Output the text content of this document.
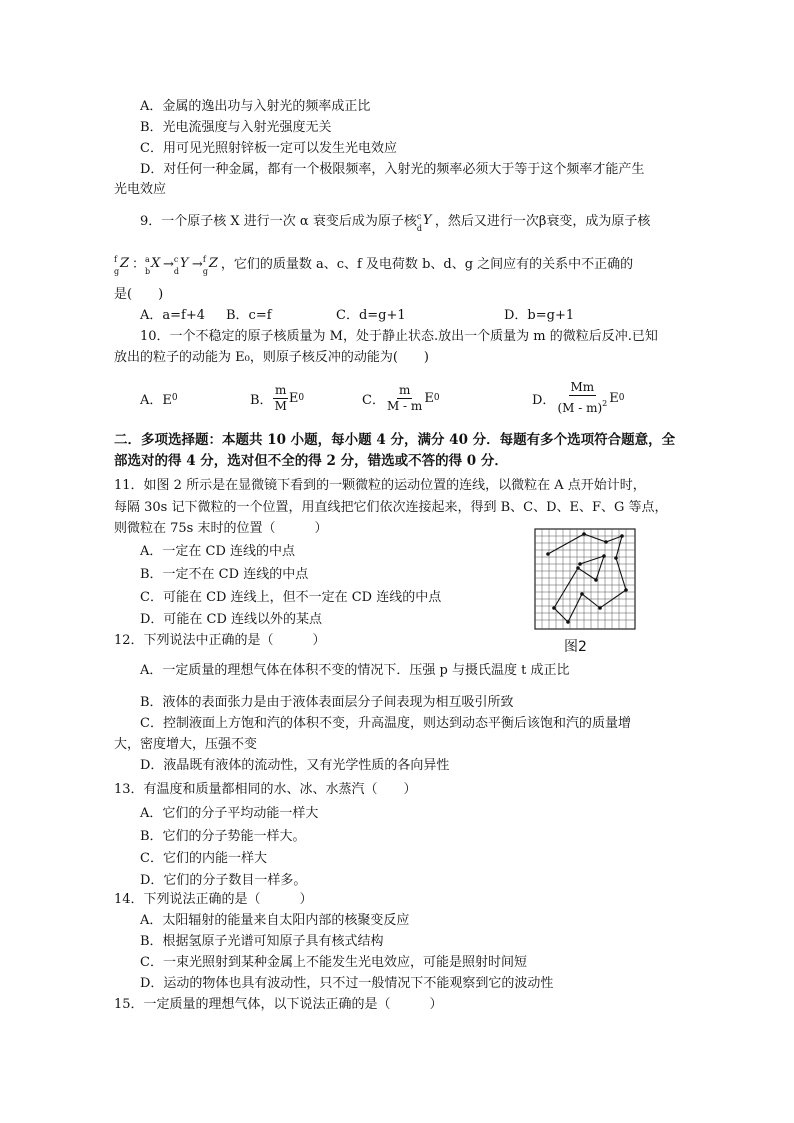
A．金属的逸出功与入射光的频率成正比
B．光电流强度与入射光强度无关
C．用可见光照射锌板一定可以发生光电效应
D．对任何一种金属，都有一个极限频率，入射光的频率必须大于等于这个频率才能产生
光电效应
9．一个原子核 X 进行一次 α 衰变后成为原子核 c
d
Y ，然后又进行一次β衰变，成为原子核
f
g
Z ： a
b
X → c
d
Y → f
g
Z ，它们的质量数 a、c、f 及电荷数 b、d、g 之间应有的关系中不正确的
是(　　)
A．a=f+4 B．c=f	C．d=g+1	D．b=g+1
10．一个不稳定的原子核质量为 M，处于静止状态.放出一个质量为 m 的微粒后反冲.已知
放出的粒子的动能为 E₀，则原子核反冲的动能为(　　)
A．E 0	B． $\frac{m}{M}$ E 0	C． $\frac{m}{M - m}$ E 0	D． $\frac{Mm}{(M - m)^2}$ E 0
二．多项选择题：本题共 10 小题，每小题 4 分，满分 40 分．每题有多个选项符合题意，全
部选对的得 4 分，选对但不全的得 2 分，错选或不答的得 0 分．
11．如图 2 所示是在显微镜下看到的一颗微粒的运动位置的连线，以微粒在 A 点开始计时，
每隔 30s 记下微粒的一个位置，用直线把它们依次连接起来，得到 B、C、D、E、F、G 等点，
则微粒在 75s 末时的位置（　　　）
A．一定在 CD 连线的中点
B．一定不在 CD 连线的中点
C．可能在 CD 连线上，但不一定在 CD 连线的中点
D．可能在 CD 连线以外的某点
图2
12．下列说法中正确的是（　　　）
A．一定质量的理想气体在体积不变的情况下．压强 p 与摄氏温度 t 成正比
B．液体的表面张力是由于液体表面层分子间表现为相互吸引所致
C．控制液面上方饱和汽的体积不变，升高温度，则达到动态平衡后该饱和汽的质量增
大，密度增大，压强不变
D．液晶既有液体的流动性，又有光学性质的各向异性
13．有温度和质量都相同的水、冰、水蒸汽（　　）
A．它们的分子平均动能一样大
B．它们的分子势能一样大。
C．它们的内能一样大
D．它们的分子数目一样多。
14．下列说法正确的是（　　　）
A．太阳辐射的能量来自太阳内部的核聚变反应
B．根据氢原子光谱可知原子具有核式结构
C．一束光照射到某种金属上不能发生光电效应，可能是照射时间短
D．运动的物体也具有波动性，只不过一般情况下不能观察到它的波动性
15．一定质量的理想气体，以下说法正确的是（　　　）
